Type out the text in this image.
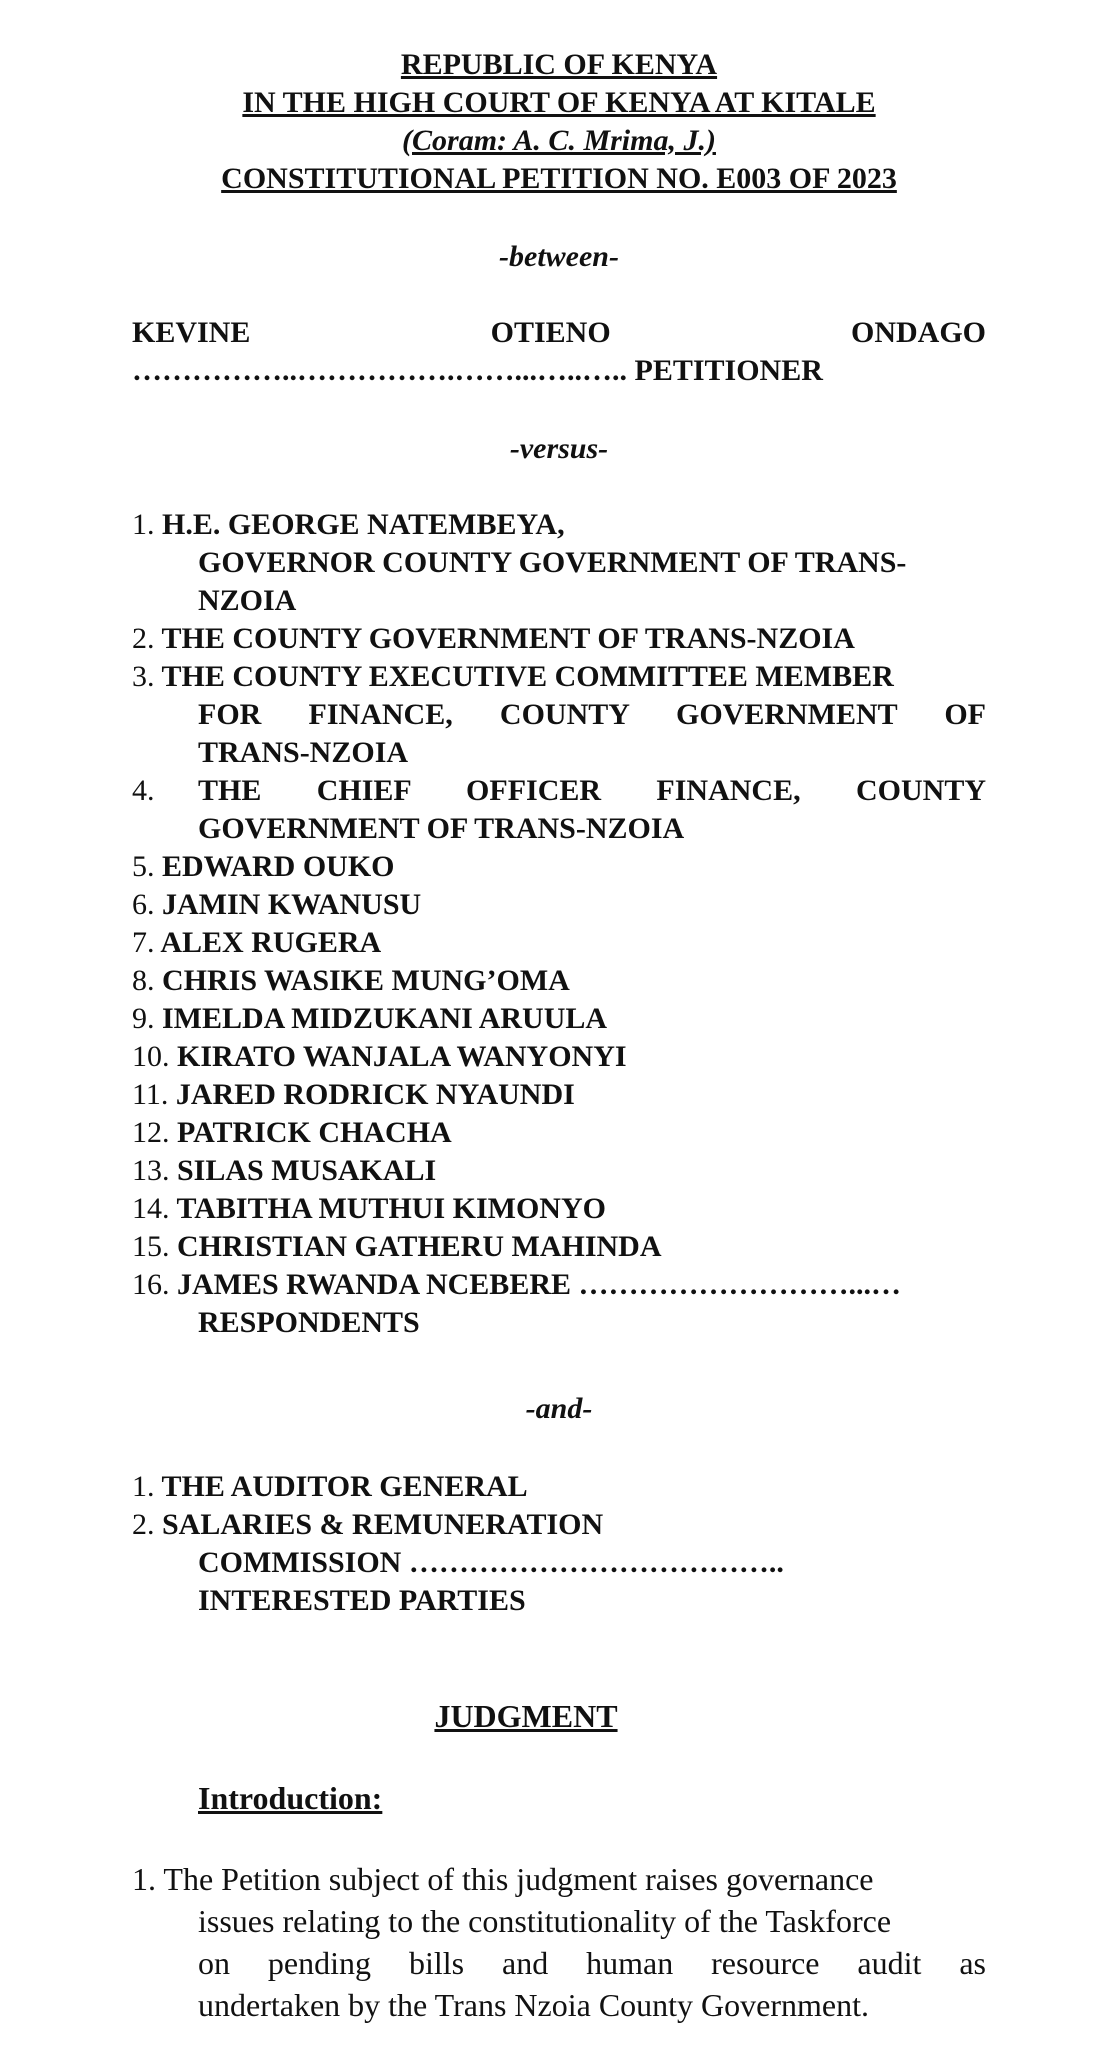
REPUBLIC OF KENYA
IN THE HIGH COURT OF KENYA AT KITALE
(Coram: A. C. Mrima, J.)
CONSTITUTIONAL PETITION NO. E003 OF 2023
-between-
KEVINE	OTIENO	ONDAGO
……………..…………….……...…..….. PETITIONER
-versus-
1. H.E. GEORGE NATEMBEYA,
GOVERNOR COUNTY GOVERNMENT OF TRANS-
NZOIA
2. THE COUNTY GOVERNMENT OF TRANS-NZOIA
3. THE COUNTY EXECUTIVE COMMITTEE MEMBER
FOR FINANCE, COUNTY GOVERNMENT OF
TRANS-NZOIA
4.	THE CHIEF OFFICER FINANCE, COUNTY
GOVERNMENT OF TRANS-NZOIA
5. EDWARD OUKO
6. JAMIN KWANUSU
7. ALEX RUGERA
8. CHRIS WASIKE MUNG’OMA
9. IMELDA MIDZUKANI ARUULA
10. KIRATO WANJALA WANYONYI
11. JARED RODRICK NYAUNDI
12. PATRICK CHACHA
13. SILAS MUSAKALI
14. TABITHA MUTHUI KIMONYO
15. CHRISTIAN GATHERU MAHINDA
16. JAMES RWANDA NCEBERE ………………………...…
RESPONDENTS
-and-
1. THE AUDITOR GENERAL
2. SALARIES & REMUNERATION
COMMISSION ………………………………..
INTERESTED PARTIES
JUDGMENT
Introduction:
1. The Petition subject of this judgment raises governance
issues relating to the constitutionality of the Taskforce
on pending bills and human resource audit as
undertaken by the Trans Nzoia County Government.
